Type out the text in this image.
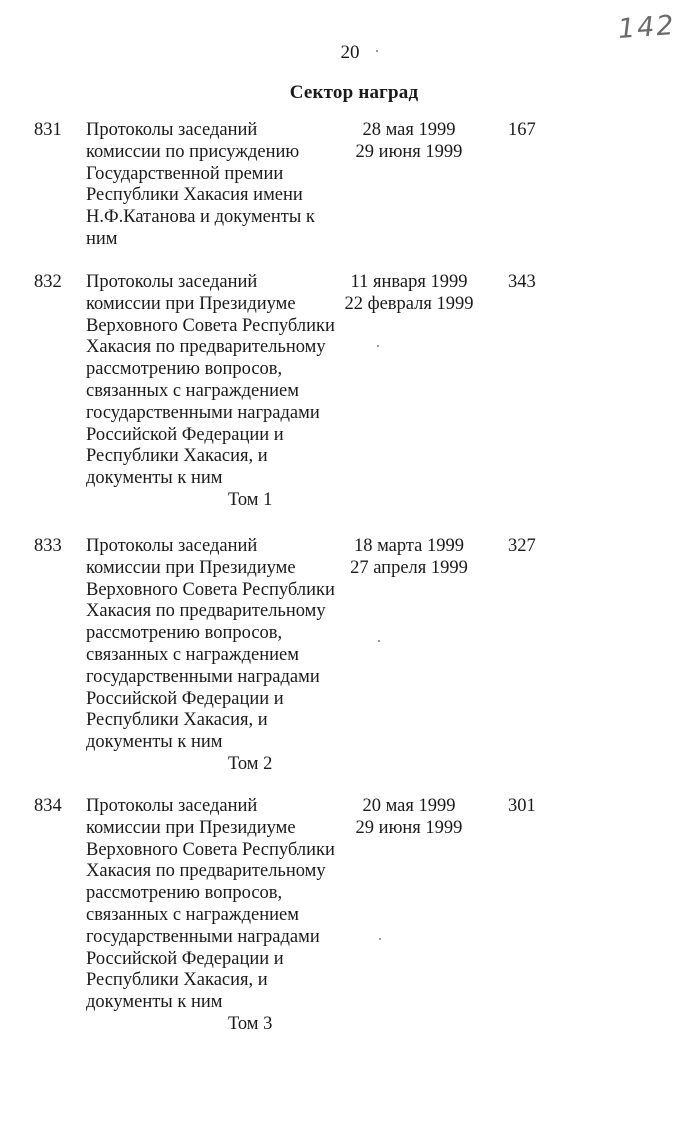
142
20
Сектор наград
831 Протоколы заседаний
комиссии по присуждению
Государственной премии
Республики Хакасия имени
Н.Ф.Катанова и документы к
ним
28 мая 1999
29 июня 1999
167
832 Протоколы заседаний
комиссии при Президиуме
Верховного Совета Республики
Хакасия по предварительному
рассмотрению вопросов,
связанных с награждением
государственными наградами
Российской Федерации и
Республики Хакасия, и
документы к ним
11 января 1999
22 февраля 1999
343
Том 1
833 Протоколы заседаний
комиссии при Президиуме
Верховного Совета Республики
Хакасия по предварительному
рассмотрению вопросов,
связанных с награждением
государственными наградами
Российской Федерации и
Республики Хакасия, и
документы к ним
18 марта 1999
27 апреля 1999
327
Том 2
834 Протоколы заседаний
комиссии при Президиуме
Верховного Совета Республики
Хакасия по предварительному
рассмотрению вопросов,
связанных с награждением
государственными наградами
Российской Федерации и
Республики Хакасия, и
документы к ним
20 мая 1999
29 июня 1999
301
Том 3
